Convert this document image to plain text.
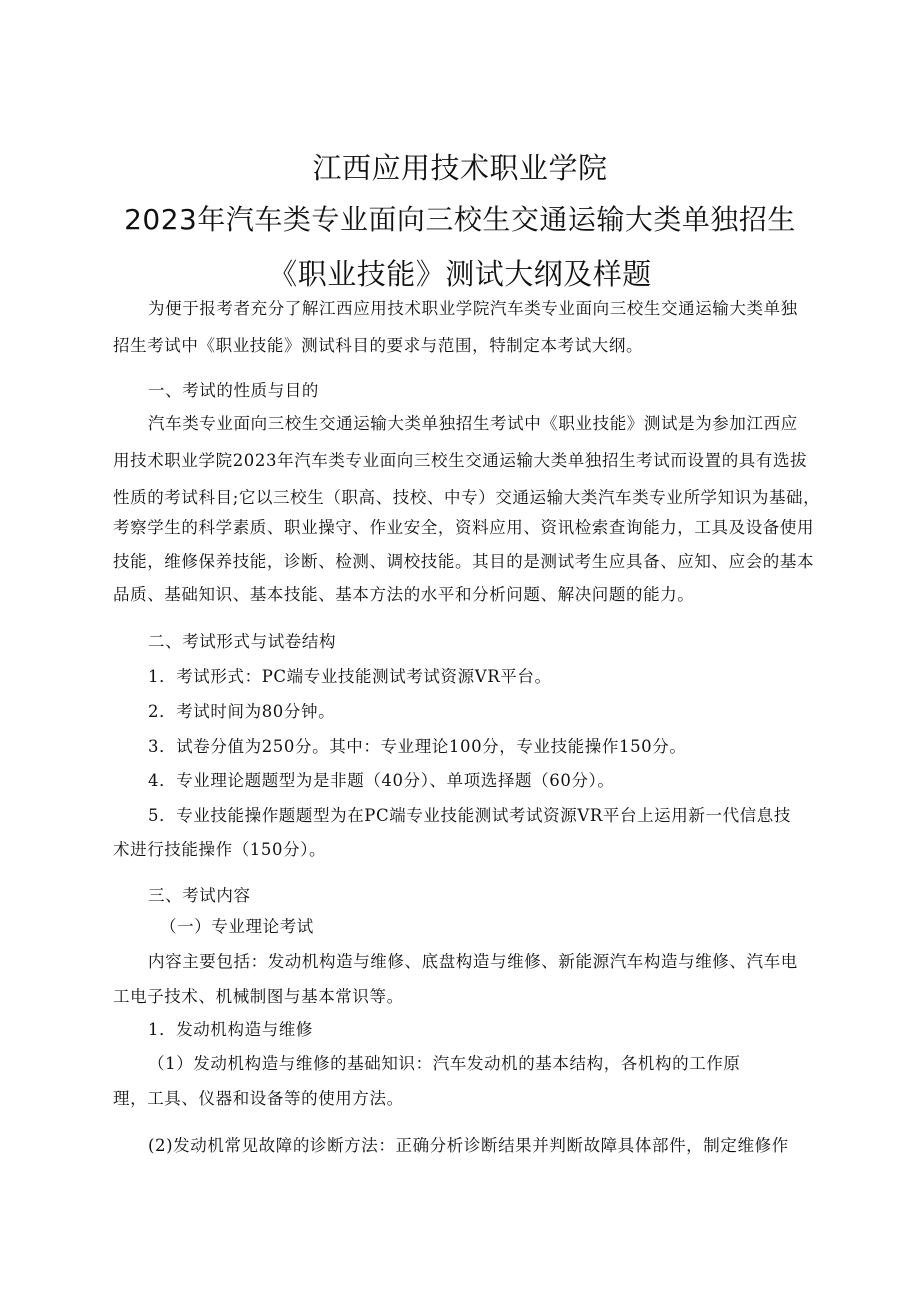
江西应用技术职业学院
2023年汽车类专业面向三校生交通运输大类单独招生
《职业技能》测试大纲及样题
为便于报考者充分了解江西应用技术职业学院汽车类专业面向三校生交通运输大类单独
招生考试中《职业技能》测试科目的要求与范围，特制定本考试大纲。
一、考试的性质与目的
汽车类专业面向三校生交通运输大类单独招生考试中《职业技能》测试是为参加江西应
用技术职业学院2023年汽车类专业面向三校生交通运输大类单独招生考试而设置的具有选拔
性质的考试科目;它以三校生（职高、技校、中专）交通运输大类汽车类专业所学知识为基础，
考察学生的科学素质、职业操守、作业安全，资料应用、资讯检索查询能力，工具及设备使用
技能，维修保养技能，诊断、检测、调校技能。其目的是测试考生应具备、应知、应会的基本
品质、基础知识、基本技能、基本方法的水平和分析问题、解决问题的能力。
二、考试形式与试卷结构
1．考试形式：PC端专业技能测试考试资源VR平台。
2．考试时间为80分钟。
3．试卷分值为250分。其中：专业理论100分，专业技能操作150分。
4．专业理论题题型为是非题（40分）、单项选择题（60分）。
5．专业技能操作题题型为在PC端专业技能测试考试资源VR平台上运用新一代信息技
术进行技能操作（150分）。
三、考试内容
（一）专业理论考试
内容主要包括：发动机构造与维修、底盘构造与维修、新能源汽车构造与维修、汽车电
工电子技术、机械制图与基本常识等。
1．发动机构造与维修
（1）发动机构造与维修的基础知识：汽车发动机的基本结构，各机构的工作原
理，工具、仪器和设备等的使用方法。
(2)发动机常见故障的诊断方法：正确分析诊断结果并判断故障具体部件，制定维修作
